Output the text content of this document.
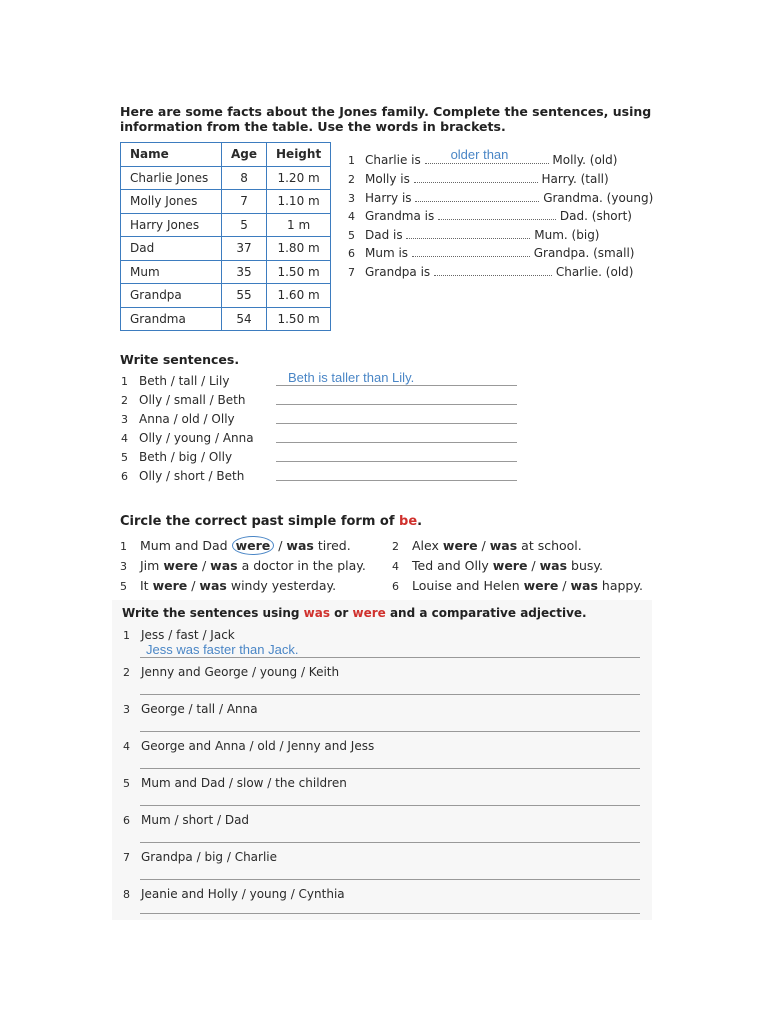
Here are some facts about the Jones family. Complete the sentences, using
information from the table. Use the words in brackets.
Name	Age	Height
Charlie Jones	8	1.20 m
Molly Jones	7	1.10 m
Harry Jones	5	1 m
Dad	37	1.80 m
Mum	35	1.50 m
Grandpa	55	1.60 m
Grandma	54	1.50 m
1 Charlie is older than	Molly. (old)
2 Molly is	Harry. (tall)
3 Harry is	Grandma. (young)
4 Grandma is	Dad. (short)
5 Dad is	Mum. (big)
6 Mum is	Grandpa. (small)
7 Grandpa is	Charlie. (old)
Write sentences.
1 Beth / tall / Lily	Beth is taller than Lily.
2 Olly / small / Beth
3 Anna / old / Olly
4 Olly / young / Anna
5 Beth / big / Olly
6 Olly / short / Beth
Circle the correct past simple form of be.
1 Mum and Dad were / was tired.	2 Alex were / was at school.
3 Jim were / was a doctor in the play. 4 Ted and Olly were / was busy.
5 It were / was windy yesterday.	6 Louise and Helen were / was happy.
Write the sentences using was or were and a comparative adjective.
1 Jess / fast / Jack
Jess was faster than Jack.
2 Jenny and George / young / Keith
3 George / tall / Anna
4 George and Anna / old / Jenny and Jess
5 Mum and Dad / slow / the children
6 Mum / short / Dad
7 Grandpa / big / Charlie
8 Jeanie and Holly / young / Cynthia
